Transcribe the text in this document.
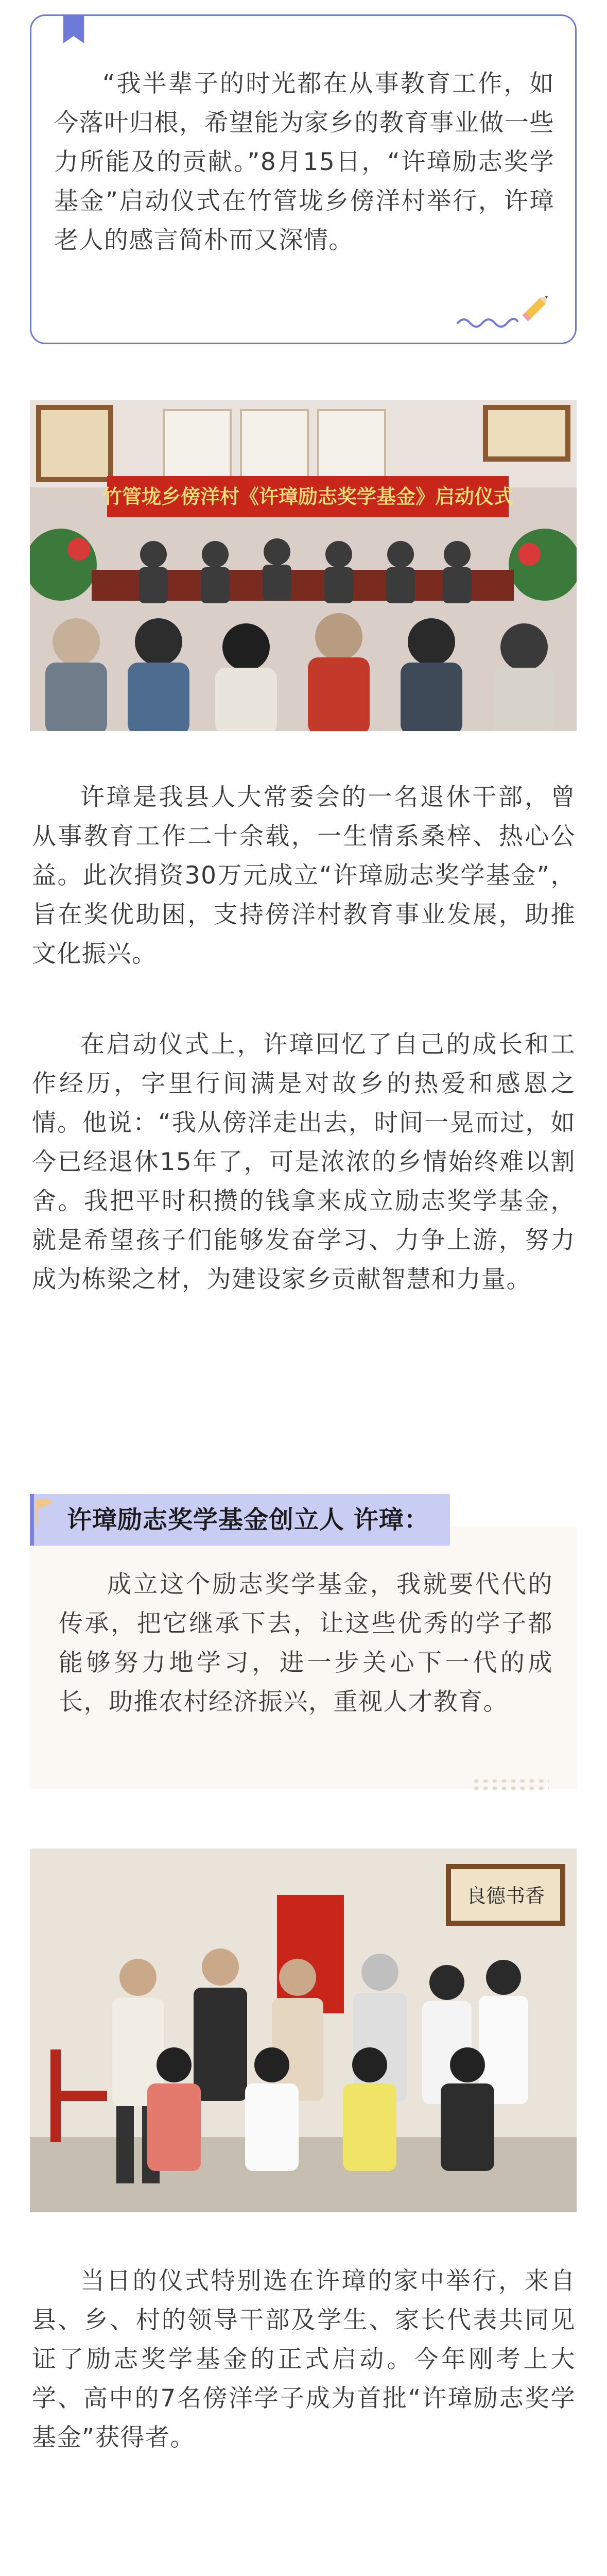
“我半辈子的时光都在从事教育工作，如今落叶归根，希望能为家乡的教育事业做一些力所能及的贡献。”8月15日，“许璋励志奖学基金”启动仪式在竹管垅乡傍洋村举行，许璋老人的感言简朴而又深情。

竹管垅乡傍洋村《许璋励志奖学基金》启动仪式

许璋是我县人大常委会的一名退休干部，曾从事教育工作二十余载，一生情系桑梓、热心公益。此次捐资30万元成立“许璋励志奖学基金”，旨在奖优助困，支持傍洋村教育事业发展，助推文化振兴。

在启动仪式上，许璋回忆了自己的成长和工作经历，字里行间满是对故乡的热爱和感恩之情。他说：“我从傍洋走出去，时间一晃而过，如今已经退休15年了，可是浓浓的乡情始终难以割舍。我把平时积攒的钱拿来成立励志奖学基金，就是希望孩子们能够发奋学习、力争上游，努力成为栋梁之材，为建设家乡贡献智慧和力量。

成立这个励志奖学基金，我就要代代的传承，把它继承下去，让这些优秀的学子都能够努力地学习，进一步关心下一代的成长，助推农村经济振兴，重视人才教育。

许璋励志奖学基金创立人 许璋：
良德书香

当日的仪式特别选在许璋的家中举行，来自县、乡、村的领导干部及学生、家长代表共同见证了励志奖学基金的正式启动。今年刚考上大学、高中的7名傍洋学子成为首批“许璋励志奖学基金”获得者。
